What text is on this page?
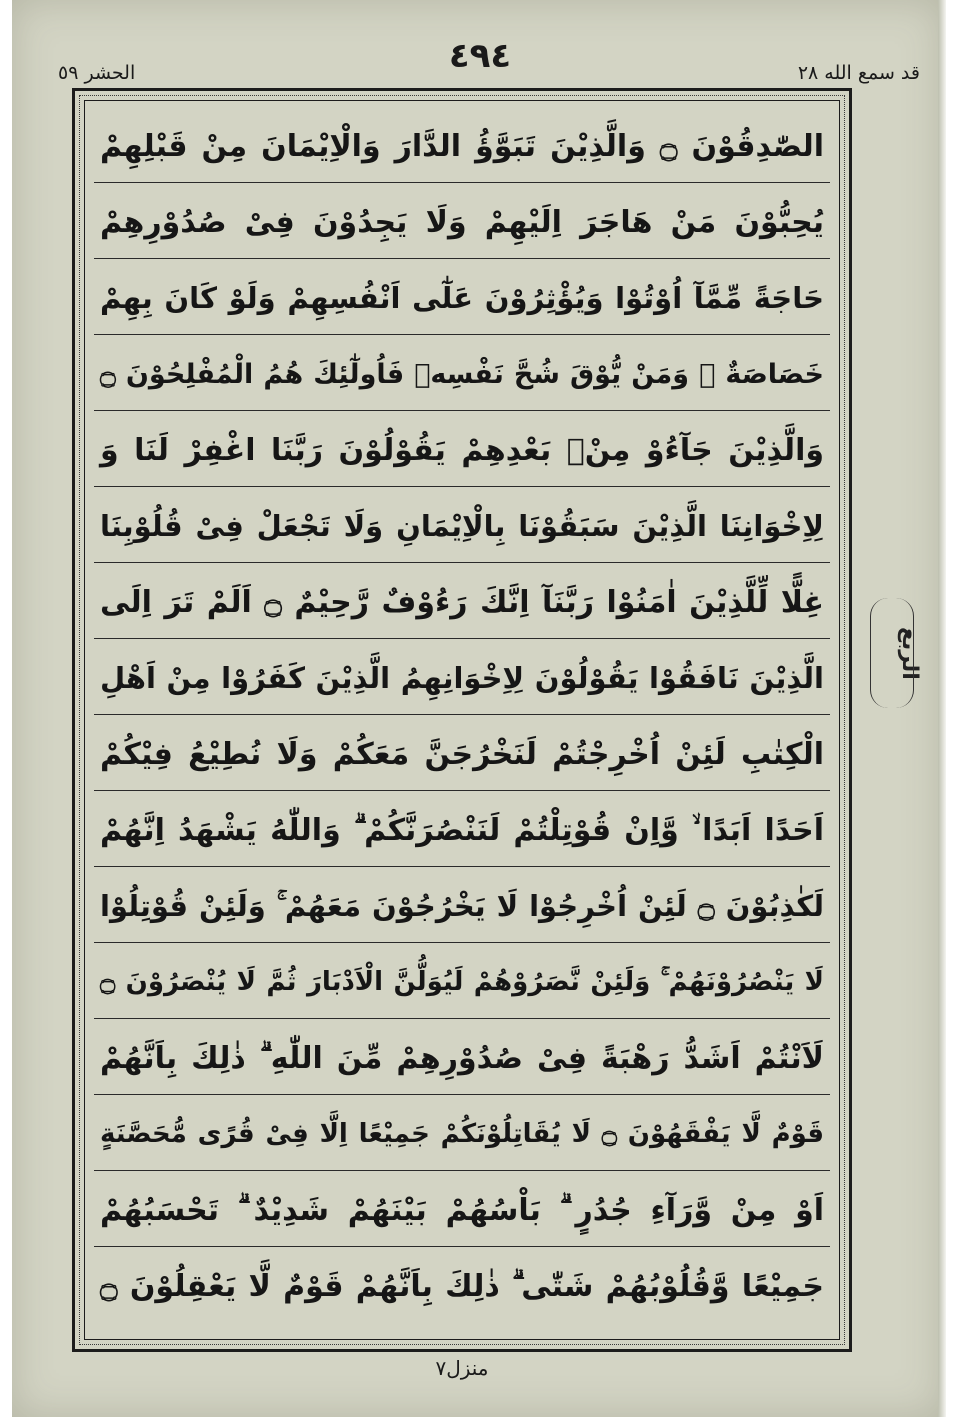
الحشر ٥٩	٤٩٤	قد سمع الله ٢٨
الصّٰدِقُوْنَ ۝ وَالَّذِيْنَ تَبَوَّؤُ الدَّارَ وَالْاِيْمَانَ مِنْ قَبْلِهِمْ
يُحِبُّوْنَ مَنْ هَاجَرَ اِلَيْهِمْ وَلَا يَجِدُوْنَ فِىْ صُدُوْرِهِمْ
حَاجَةً مِّمَّآ اُوْتُوْا وَيُؤْثِرُوْنَ عَلٰٓى اَنْفُسِهِمْ وَلَوْ كَانَ بِهِمْ
خَصَاصَةٌ ۗ وَمَنْ يُّوْقَ شُحَّ نَفْسِهٖ فَاُولٰٓئِكَ هُمُ الْمُفْلِحُوْنَ ۝
وَالَّذِيْنَ جَآءُوْ مِنْۢ بَعْدِهِمْ يَقُوْلُوْنَ رَبَّنَا اغْفِرْ لَنَا وَ
لِاِخْوَانِنَا الَّذِيْنَ سَبَقُوْنَا بِالْاِيْمَانِ وَلَا تَجْعَلْ فِىْ قُلُوْبِنَا
غِلًّا لِّلَّذِيْنَ اٰمَنُوْا رَبَّنَآ اِنَّكَ رَءُوْفٌ رَّحِيْمٌ ۝ اَلَمْ تَرَ اِلَى
الَّذِيْنَ نَافَقُوْا يَقُوْلُوْنَ لِاِخْوَانِهِمُ الَّذِيْنَ كَفَرُوْا مِنْ اَهْلِ
الْكِتٰبِ لَئِنْ اُخْرِجْتُمْ لَنَخْرُجَنَّ مَعَكُمْ وَلَا نُطِيْعُ فِيْكُمْ
اَحَدًا اَبَدًا ۙ وَّاِنْ قُوْتِلْتُمْ لَنَنْصُرَنَّكُمْ ۗ وَاللّٰهُ يَشْهَدُ اِنَّهُمْ
لَكٰذِبُوْنَ ۝ لَئِنْ اُخْرِجُوْا لَا يَخْرُجُوْنَ مَعَهُمْ ۚ وَلَئِنْ قُوْتِلُوْا
لَا يَنْصُرُوْنَهُمْ ۚ وَلَئِنْ نَّصَرُوْهُمْ لَيُوَلُّنَّ الْاَدْبَارَ ثُمَّ لَا يُنْصَرُوْنَ ۝
لَاَنْتُمْ اَشَدُّ رَهْبَةً فِىْ صُدُوْرِهِمْ مِّنَ اللّٰهِ ۗ ذٰلِكَ بِاَنَّهُمْ
قَوْمٌ لَّا يَفْقَهُوْنَ ۝ لَا يُقَاتِلُوْنَكُمْ جَمِيْعًا اِلَّا فِىْ قُرًى مُّحَصَّنَةٍ
اَوْ مِنْ وَّرَآءِ جُدُرٍ ۗ بَاْسُهُمْ بَيْنَهُمْ شَدِيْدٌ ۗ تَحْسَبُهُمْ
جَمِيْعًا وَّقُلُوْبُهُمْ شَتّٰى ۗ ذٰلِكَ بِاَنَّهُمْ قَوْمٌ لَّا يَعْقِلُوْنَ ۝
الربع
منزل٧
